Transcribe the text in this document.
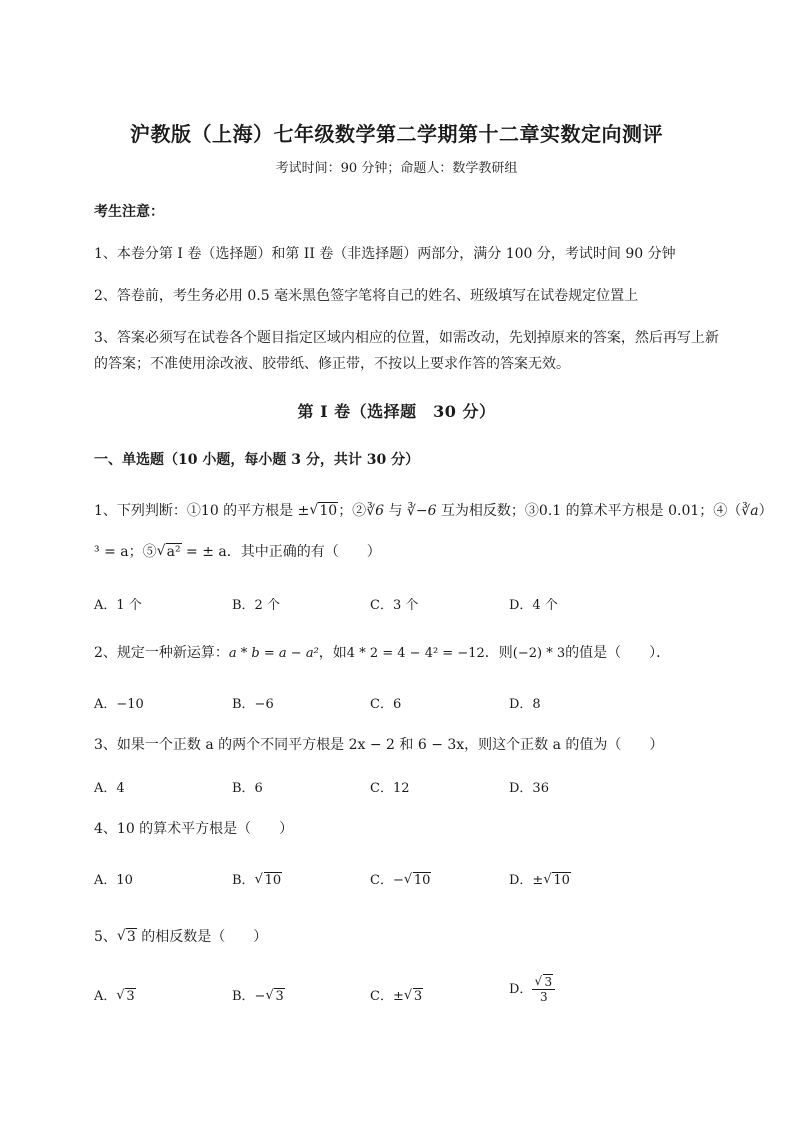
沪教版（上海）七年级数学第二学期第十二章实数定向测评
考试时间：90 分钟；命题人：数学教研组
考生注意：
1、本卷分第 I 卷（选择题）和第 II 卷（非选择题）两部分，满分 100 分，考试时间 90 分钟
2、答卷前，考生务必用 0.5 毫米黑色签字笔将自己的姓名、班级填写在试卷规定位置上
3、答案必须写在试卷各个题目指定区域内相应的位置，如需改动，先划掉原来的答案，然后再写上新
的答案；不准使用涂改液、胶带纸、修正带，不按以上要求作答的答案无效。
第 I 卷（选择题　30 分）
一、单选题（10 小题，每小题 3 分，共计 30 分）
1、下列判断：①10 的平方根是 ± √ 10；②∛6 与 ∛−6 互为相反数；③0.1 的算术平方根是 0.01；④（∛a）
³ = a；⑤ √ a² = ± a．其中正确的有（　　）
A．1 个	B．2 个	C．3 个	D．4 个
2、规定一种新运算：a * b = a − a²，如4 * 2 = 4 − 4² = −12．则(−2) * 3的值是（　　）．
A．−10	B．−6	C．6	D．8
3、如果一个正数 a 的两个不同平方根是 2x − 2 和 6 − 3x，则这个正数 a 的值为（　　）
A．4	B．6	C．12	D．36
4、10 的算术平方根是（　　）
A．10	B． √ 10	C．− √ 10	D．± √ 10
5、 √ 3 的相反数是（　　）
A． √ 3	B．− √ 3	C．± √ 3	D． √ $\frac{3}{3}$
